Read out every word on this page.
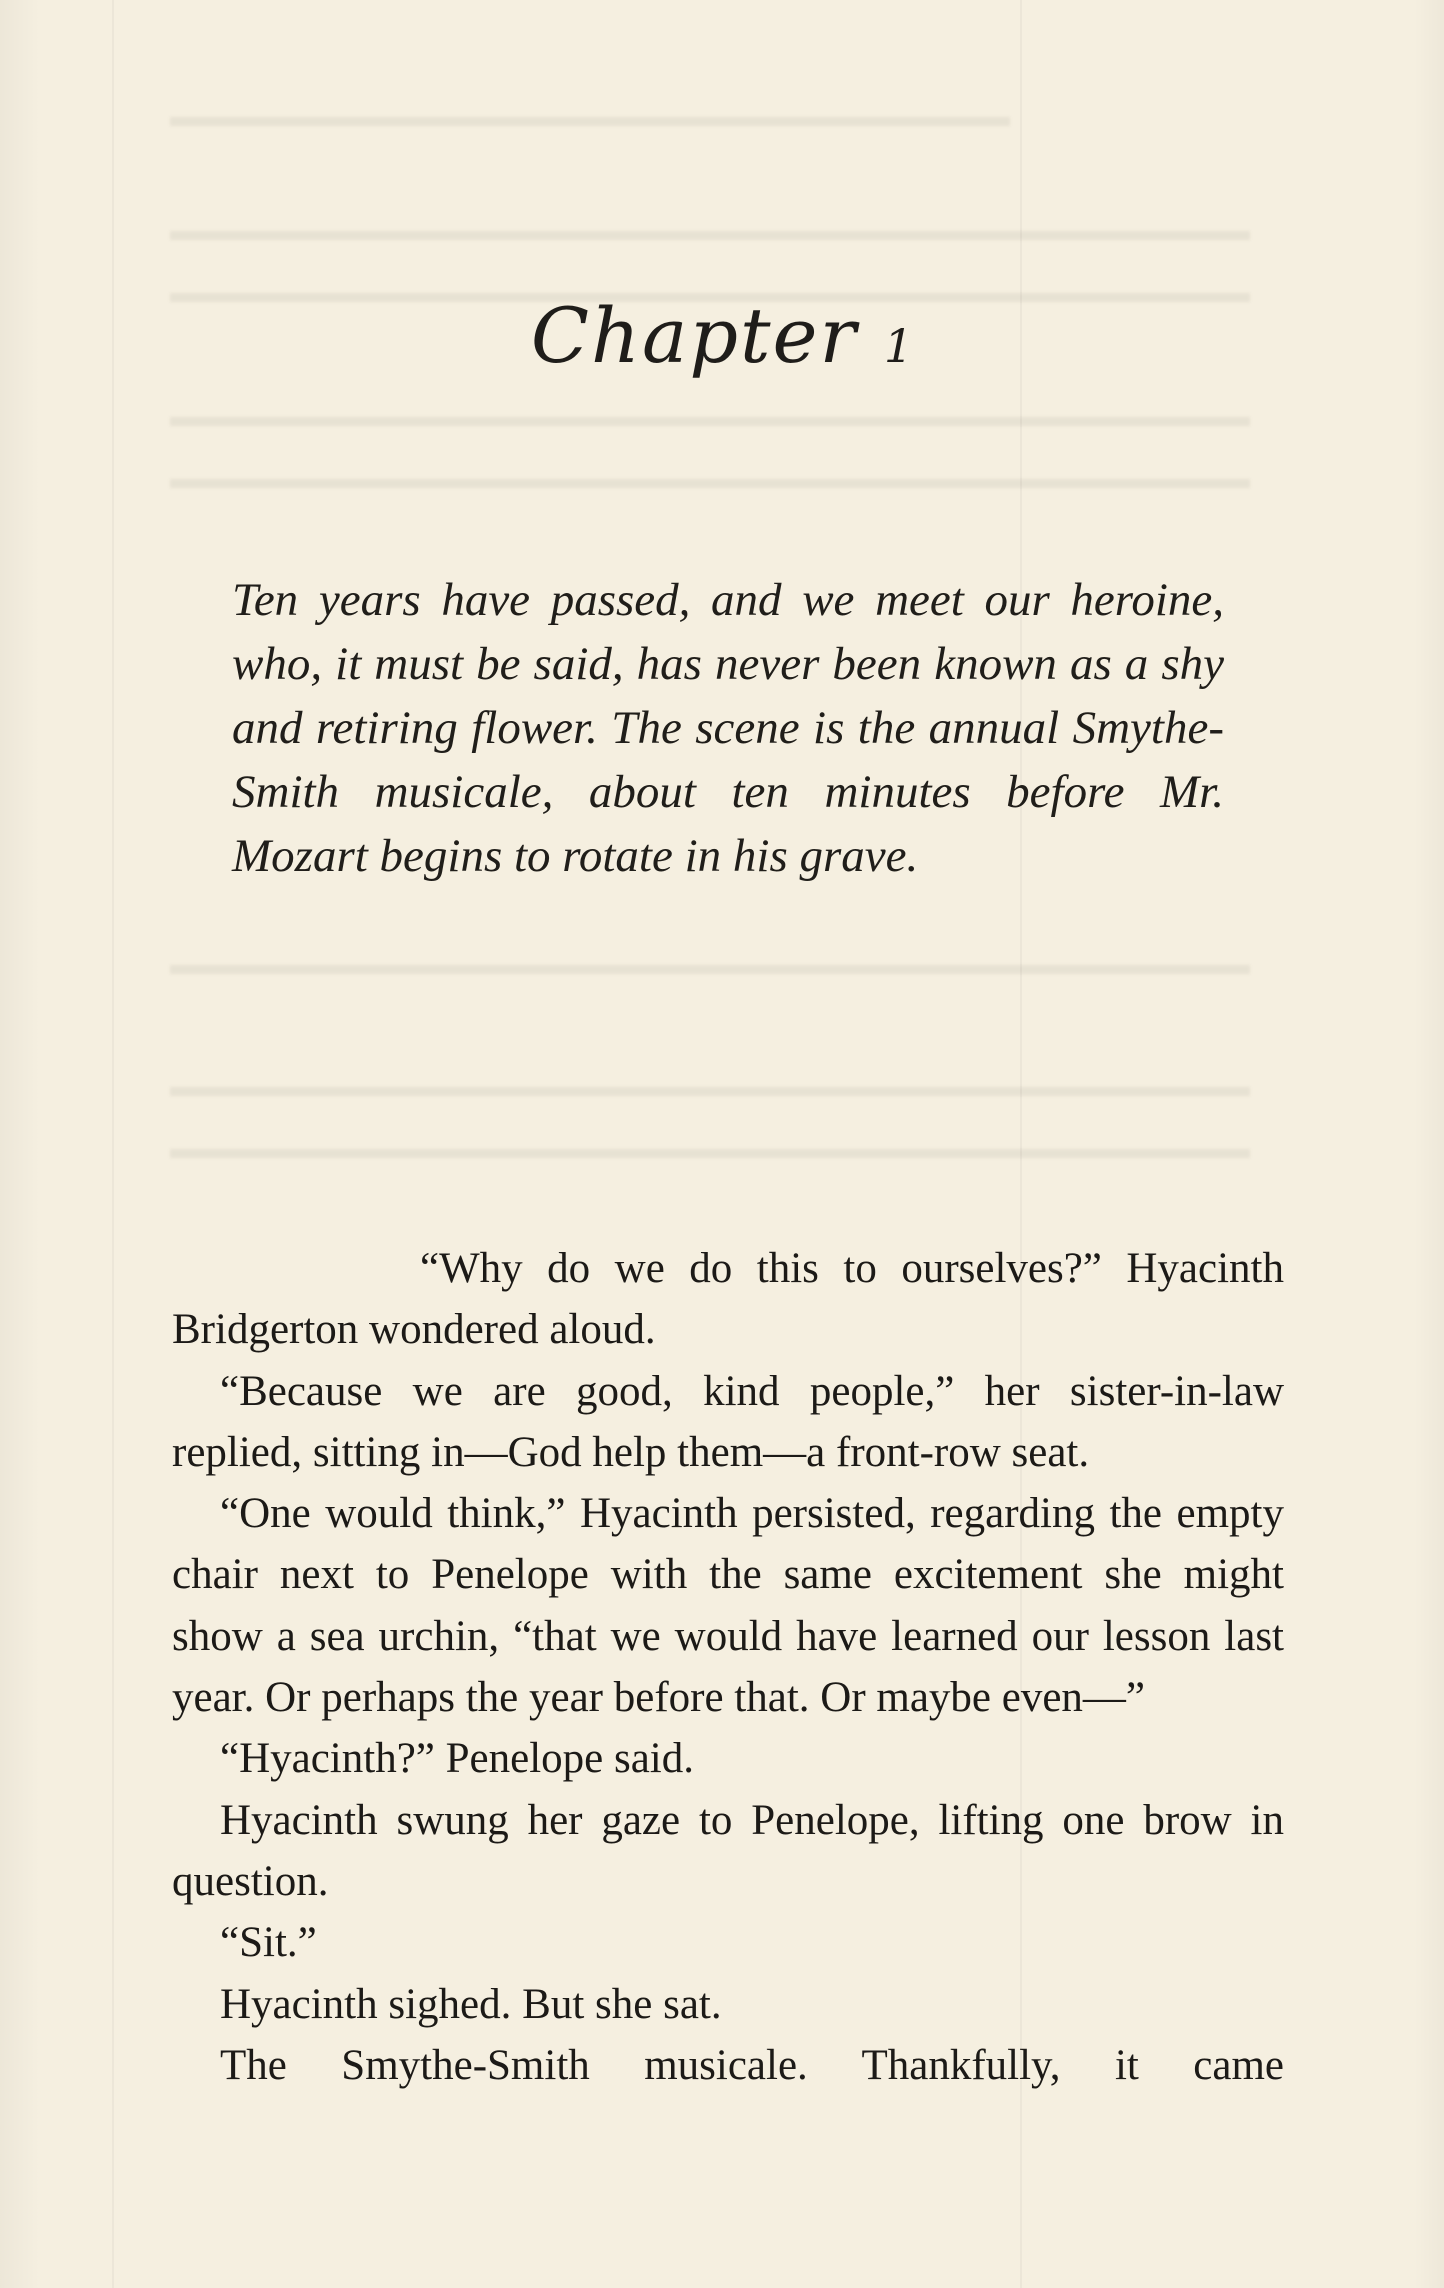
▬▬▬▬▬▬▬▬▬▬▬▬▬▬▬▬▬▬▬▬▬▬▬▬▬▬▬▬
▬▬▬▬▬▬▬▬▬▬▬▬▬▬▬▬▬▬▬▬▬▬▬▬▬▬▬▬▬▬▬▬▬▬▬▬
▬▬▬▬▬▬▬▬▬▬▬▬▬▬▬▬▬▬▬▬▬▬▬▬▬▬▬▬▬▬▬▬▬▬▬▬
▬▬▬▬▬▬▬▬▬▬▬▬▬▬▬▬▬▬▬▬▬▬▬▬▬▬▬▬▬▬▬▬▬▬▬▬
▬▬▬▬▬▬▬▬▬▬▬▬▬▬▬▬▬▬▬▬▬▬▬▬▬▬▬▬▬▬▬▬▬▬▬▬
▬▬▬▬▬▬▬▬▬▬▬▬▬▬▬▬▬▬▬▬▬▬▬▬▬▬▬▬▬▬▬▬▬▬▬▬
▬▬▬▬▬▬▬▬▬▬▬▬▬▬▬▬▬▬▬▬▬▬▬▬▬▬▬▬▬▬▬▬▬▬▬▬
▬▬▬▬▬▬▬▬▬▬▬▬▬▬▬▬▬▬▬▬▬▬▬▬▬▬▬▬▬▬▬▬▬▬▬▬
Chapter 1

Ten years have passed, and we meet our heroine, who, it must be said, has never been known as a shy and retiring flower. The scene is the annual Smythe-Smith musicale, about ten minutes before Mr. Mozart begins to rotate in his grave.

“Why do we do this to ourselves?” Hyacinth Bridgerton wondered aloud.

“Because we are good, kind people,” her sister-in-law replied, sitting in—God help them—a front-row seat.

“One would think,” Hyacinth persisted, regarding the empty chair next to Penelope with the same excitement she might show a sea urchin, “that we would have learned our lesson last year. Or perhaps the year before that. Or maybe even—”

“Hyacinth?” Penelope said.

Hyacinth swung her gaze to Penelope, lifting one brow in question.

“Sit.”

Hyacinth sighed. But she sat.

The Smythe-Smith musicale. Thankfully, it came
